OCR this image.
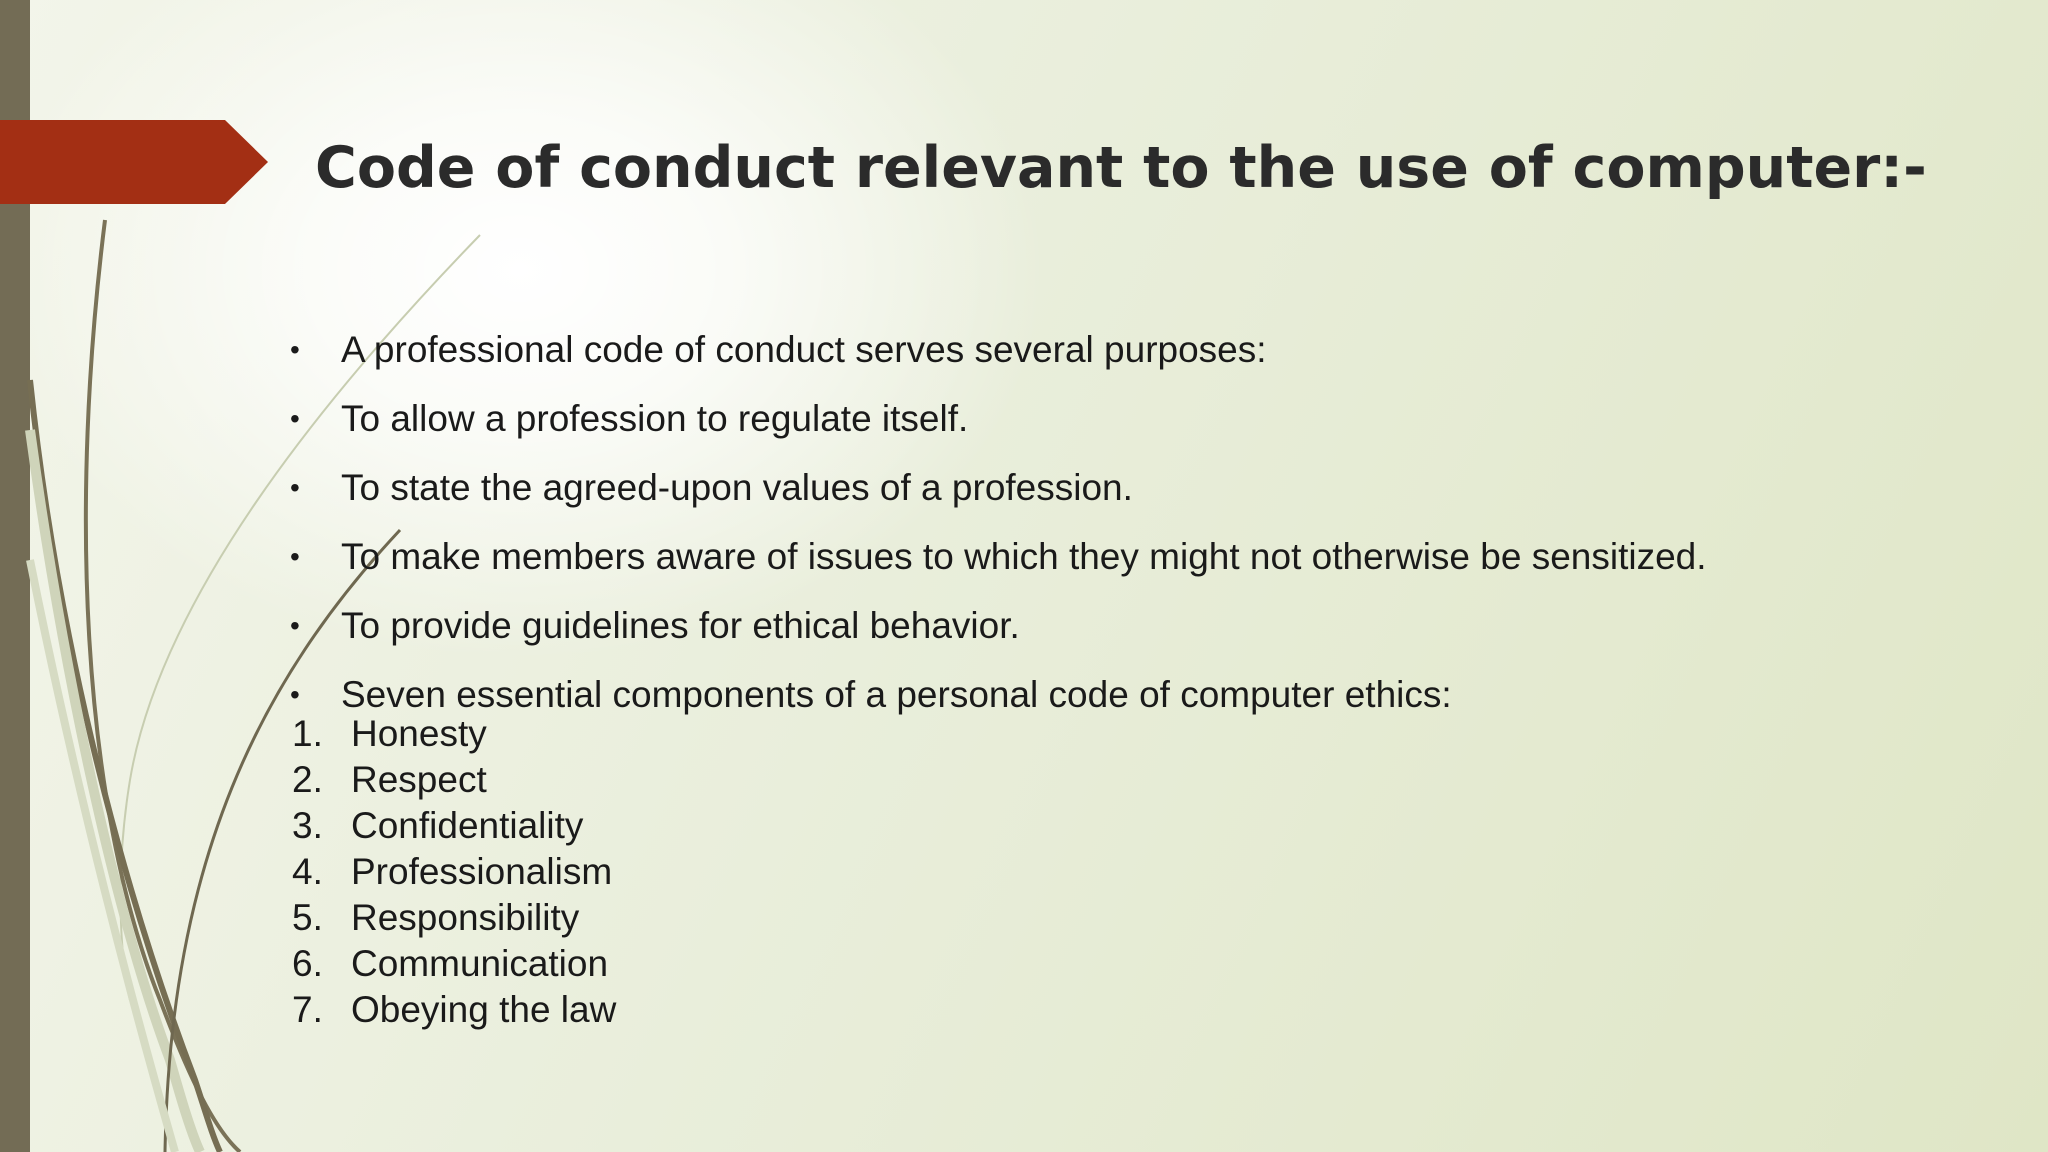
Code of conduct relevant to the use of computer:-
• A professional code of conduct serves several purposes:
• To allow a profession to regulate itself.
• To state the agreed-upon values of a profession.
• To make members aware of issues to which they might not otherwise be sensitized.
• To provide guidelines for ethical behavior.
• Seven essential components of a personal code of computer ethics:
1. Honesty
2. Respect
3. Confidentiality
4. Professionalism
5. Responsibility
6. Communication
7. Obeying the law
